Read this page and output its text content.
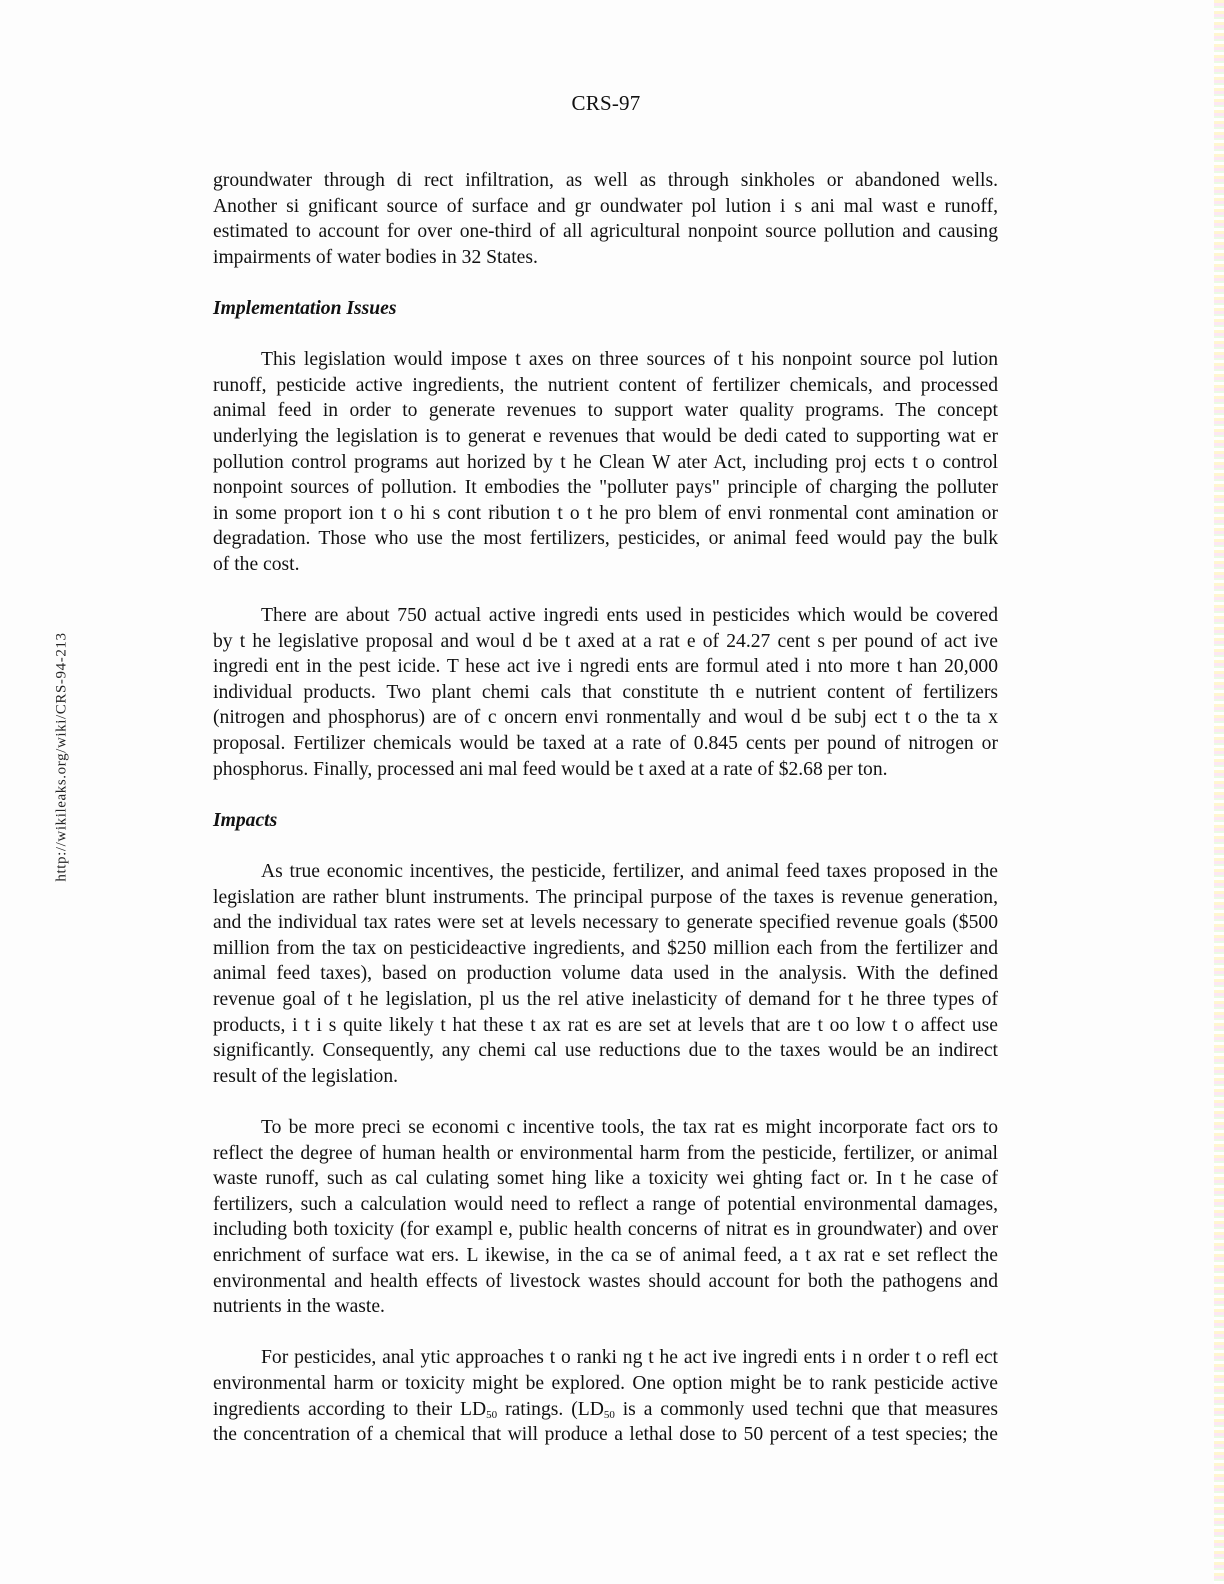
CRS-97
http://wikileaks.org/wiki/CRS-94-213
groundwater through di rect infiltration, as well as through sinkholes or abandoned wells.
Another si gnificant source of surface and gr oundwater pol lution i s ani mal wast e runoff,
estimated to account for over one-third of all agricultural nonpoint source pollution and causing
impairments of water bodies in 32 States.
Implementation Issues
This legislation would impose t axes on three sources of t his nonpoint source pol lution
runoff, pesticide active ingredients, the nutrient content of fertilizer chemicals, and processed
animal feed in order to generate revenues to support water quality programs. The concept
underlying the legislation is to generat e revenues that would be dedi cated to supporting wat er
pollution control programs aut horized by t he Clean W ater Act, including proj ects t o control
nonpoint sources of pollution. It embodies the "polluter pays" principle of charging the polluter
in some proport ion t o hi s cont ribution t o t he pro blem of envi ronmental cont amination or
degradation. Those who use the most fertilizers, pesticides, or animal feed would pay the bulk
of the cost.
There are about 750 actual active ingredi ents used in pesticides which would be covered
by t he legislative proposal and woul d be t axed at a rat e of 24.27 cent s per pound of act ive
ingredi ent in the pest icide. T hese act ive i ngredi ents are formul ated i nto more t han 20,000
individual products. Two plant chemi cals that constitute th e nutrient content of fertilizers
(nitrogen and phosphorus) are of c oncern envi ronmentally and woul d be subj ect t o the ta x
proposal. Fertilizer chemicals would be taxed at a rate of 0.845 cents per pound of nitrogen or
phosphorus. Finally, processed ani mal feed would be t axed at a rate of $2.68 per ton.
Impacts
As true economic incentives, the pesticide, fertilizer, and animal feed taxes proposed in the
legislation are rather blunt instruments. The principal purpose of the taxes is revenue generation,
and the individual tax rates were set at levels necessary to generate specified revenue goals ($500
million from the tax on pesticideactive ingredients, and $250 million each from the fertilizer and
animal feed taxes), based on production volume data used in the analysis. With the defined
revenue goal of t he legislation, pl us the rel ative inelasticity of demand for t he three types of
products, i t i s quite likely t hat these t ax rat es are set at levels that are t oo low t o affect use
significantly. Consequently, any chemi cal use reductions due to the taxes would be an indirect
result of the legislation.
To be more preci se economi c incentive tools, the tax rat es might incorporate fact ors to
reflect the degree of human health or environmental harm from the pesticide, fertilizer, or animal
waste runoff, such as cal culating somet hing like a toxicity wei ghting fact or. In t he case of
fertilizers, such a calculation would need to reflect a range of potential environmental damages,
including both toxicity (for exampl e, public health concerns of nitrat es in groundwater) and over
enrichment of surface wat ers. L ikewise, in the ca se of animal feed, a t ax rat e set reflect the
environmental and health effects of livestock wastes should account for both the pathogens and
nutrients in the waste.
For pesticides, anal ytic approaches t o ranki ng t he act ive ingredi ents i n order t o refl ect
environmental harm or toxicity might be explored. One option might be to rank pesticide active
ingredients according to their $LD_{50}$ ratings. ($LD_{50}$ is a commonly used techni que that measures
the concentration of a chemical that will produce a lethal dose to 50 percent of a test species; the
